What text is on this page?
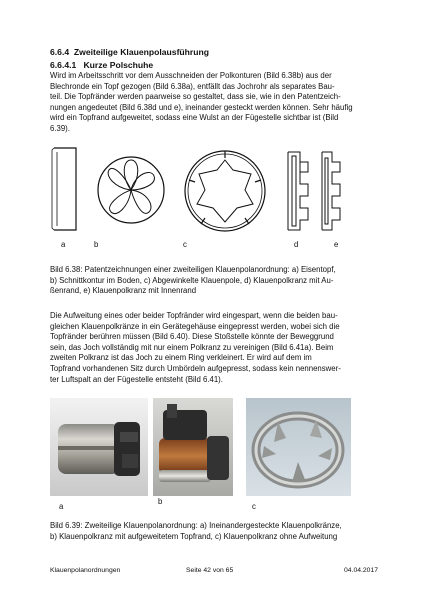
6.6.4 Zweiteilige Klauenpolausführung
6.6.4.1 Kurze Polschuhe
Wird im Arbeitsschritt vor dem Ausschneiden der Polkonturen (Bild 6.38b) aus der
Blechronde ein Topf gezogen (Bild 6.38a), entfällt das Jochrohr als separates Bau-
teil. Die Topfränder werden paarweise so gestaltet, dass sie, wie in den Patentzeich-
nungen angedeutet (Bild 6.38d und e), ineinander gesteckt werden können. Sehr häufig
wird ein Topfrand aufgeweitet, sodass eine Wulst an der Fügestelle sichtbar ist (Bild
6.39).
a	b	c	d	e
Bild 6.38: Patentzeichnungen einer zweiteiligen Klauenpolanordnung: a) Eisentopf,
b) Schnittkontur im Boden, c) Abgewinkelte Klauenpole, d) Klauenpolkranz mit Au-
ßenrand, e) Klauenpolkranz mit Innenrand
Die Aufweitung eines oder beider Topfränder wird eingespart, wenn die beiden bau-
gleichen Klauenpolkränze in ein Gerätegehäuse eingepresst werden, wobei sich die
Topfränder berühren müssen (Bild 6.40). Diese Stoßstelle könnte der Beweggrund
sein, das Joch vollständig mit nur einem Polkranz zu vereinigen (Bild 6.41a). Beim
zweiten Polkranz ist das Joch zu einem Ring verkleinert. Er wird auf dem im
Topfrand vorhandenen Sitz durch Umbördeln aufgepresst, sodass kein nennenswer-
ter Luftspalt an der Fügestelle entsteht (Bild 6.41).
a
b
c
Bild 6.39: Zweiteilige Klauenpolanordnung: a) Ineinandergesteckte Klauenpolkränze,
b) Klauenpolkranz mit aufgeweitetem Topfrand, c) Klauenpolkranz ohne Aufweitung
Klauenpolanordnungen	Seite 42 von 65	04.04.2017
